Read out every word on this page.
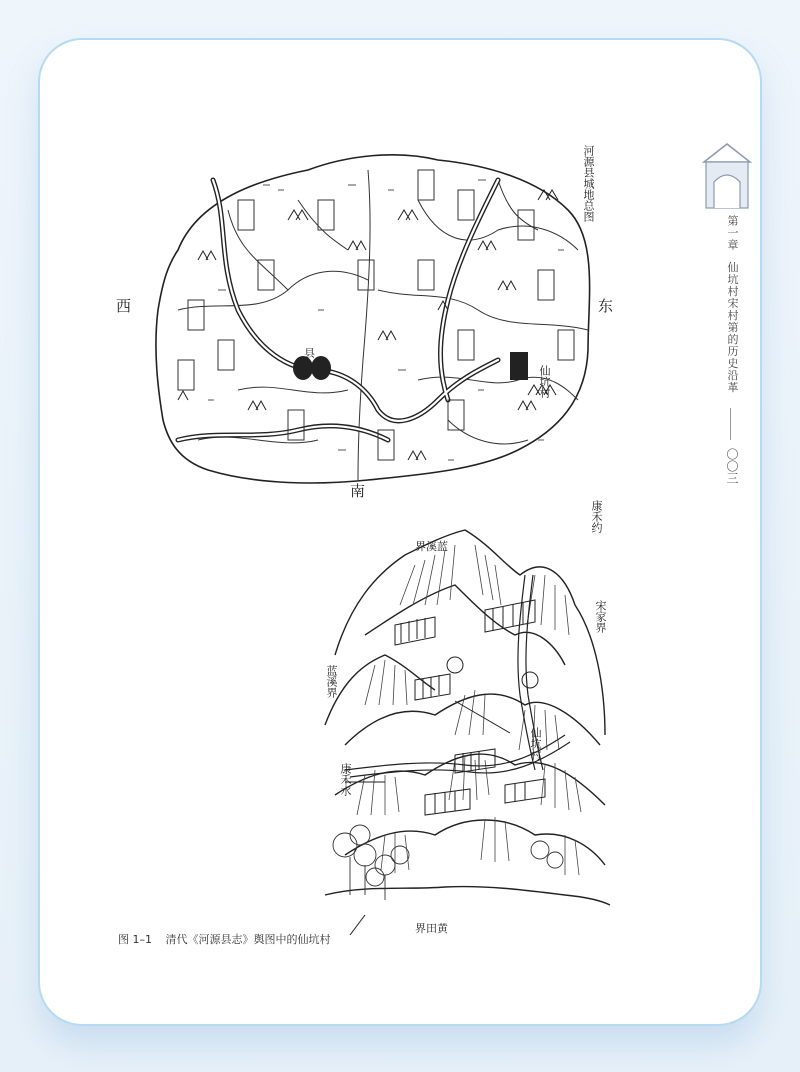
西	东
南
县
仙坑村
河源县城地总图
康禾约
界溪蓝
蓝溪界
宋家界
仙坑村
康禾水
界田黄
第一章 仙坑村宋村第的历史沿革
〇〇三
图 1–1 清代《河源县志》舆图中的仙坑村
